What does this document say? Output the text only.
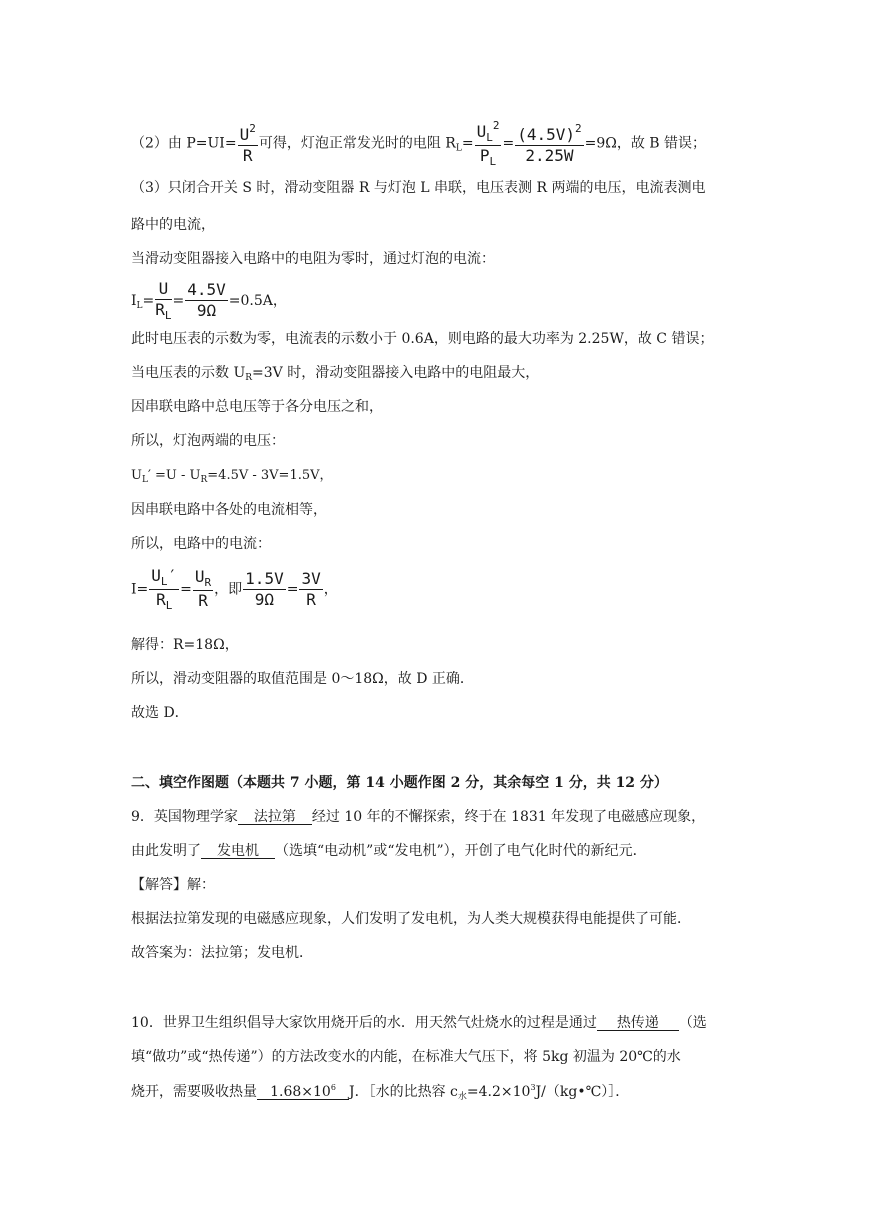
（2）由 $P=UI= \frac{U^2}{R}$ 可得，灯泡正常发光时的电阻 $R_L= \frac{U_L^2}{P_L} = \frac{(4.5V)^2}{2.25W} =9\Omega$，故 B 错误；
（3）只闭合开关 S 时，滑动变阻器 R 与灯泡 L 串联，电压表测 R 两端的电压，电流表测电
路中的电流，
当滑动变阻器接入电路中的电阻为零时，通过灯泡的电流：
$I_L= \frac{U}{R_L} = \frac{4.5V}{9\Omega} =0.5A$，
此时电压表的示数为零，电流表的示数小于 0.6A，则电路的最大功率为 2.25W，故 C 错误；
当电压表的示数 $U_R=3V$ 时，滑动变阻器接入电路中的电阻最大，
因串联电路中总电压等于各分电压之和，
所以，灯泡两端的电压：
$U_L' =U - U_R=4.5V - 3V=1.5V$，
因串联电路中各处的电流相等，
所以，电路中的电流：
$I= \frac{U_L'}{R_L} = \frac{U_R}{R}$ ，即 $\frac{1.5V}{9\Omega} = \frac{3V}{R}$ ，
解得：R=18Ω，
所以，滑动变阻器的取值范围是 0～18Ω，故 D 正确．
故选 D．
二、填空作图题（本题共 7 小题，第 14 小题作图 2 分，其余每空 1 分，共 12 分）
9．英国物理学家 法拉第 经过 10 年的不懈探索，终于在 1831 年发现了电磁感应现象，
由此发明了 发电机 （选填“电动机”或“发电机”），开创了电气化时代的新纪元．
【解答】解：
根据法拉第发现的电磁感应现象，人们发明了发电机，为人类大规模获得电能提供了可能．
故答案为：法拉第；发电机．
10．世界卫生组织倡导大家饮用烧开后的水．用天然气灶烧水的过程是通过 热传递 （选
填“做功”或“热传递”）的方法改变水的内能，在标准大气压下，将 5kg 初温为 20℃的水
烧开，需要吸收热量 $1.68\times 10^6$ J．［水的比热容 $c_水=4.2\times 10^3J/(kg•℃)]$．
